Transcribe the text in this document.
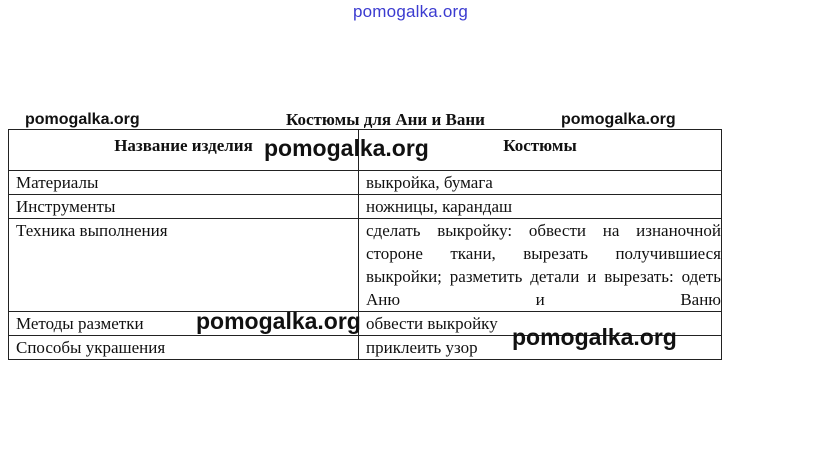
pomogalka.org
pomogalka.org	Костюмы для Ани и Вани	pomogalka.org
Название изделия	Костюмы
Материалы	выкройка, бумага
Инструменты	ножницы, карандаш
Техника выполнения	сделать выкройку: обвести на изнаночной стороне ткани, вырезать получившиеся выкройки; разметить детали и вырезать: одеть Аню и Ваню
Методы разметки	обвести выкройку
Способы украшения	приклеить узор
pomogalka.org
pomogalka.org
pomogalka.org
